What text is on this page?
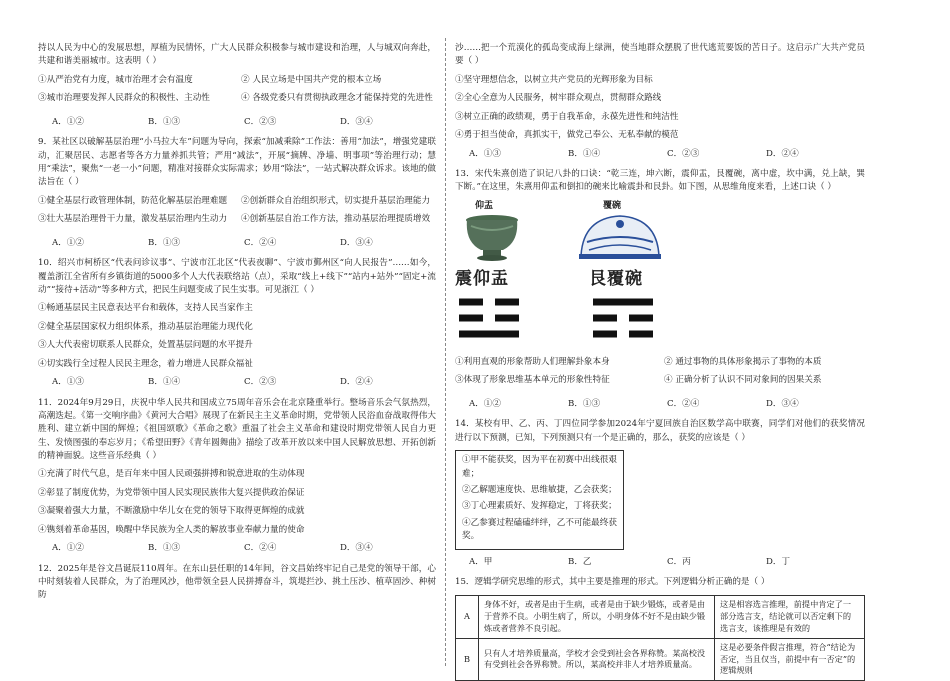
持以人民为中心的发展思想，厚植为民情怀，广大人民群众积极参与城市建设和治理，人与城双向奔赴，共建和谐美丽城市。这表明（ ）

①从严治党有力度，城市治理才会有温度	② 人民立场是中国共产党的根本立场

③城市治理要发挥人民群众的积极性、主动性	④ 各级党委只有贯彻执政理念才能保持党的先进性

A．①②	B．①③	C．②③	D．③④

9．某社区以破解基层治理“小马拉大车”问题为导向，探索“加减乘除”工作法：善用“加法”，增强党建联动，汇聚居民、志愿者等各方力量养抓共管；严用“减法”，开展“摘牌、净墙、明事项”等治理行动；慧用“乘法”，聚焦“一老一小”问题，精准对接群众实际需求；妙用“除法”，一站式解决群众诉求。该地的做法旨在（ ）

①健全基层行政管理体制，防范化解基层治理难题	②创新群众自治组织形式，切实提升基层治理能力

③壮大基层治理骨干力量，激发基层治理内生动力	④创新基层自治工作方法，推动基层治理提质增效

A．①②	B．①③	C．②④	D．③④

10．绍兴市柯桥区“代表问诊议事”、宁波市江北区“代表夜聊”、宁波市鄞州区“向人民报告”……如今，覆盖浙江全省所有乡镇街道的5000多个人大代表联络站（点），采取“线上+线下”“站内+站外”“固定+流动”“接待+活动”等多种方式，把民生问题变成了民生实事。可见浙江（ ）

①畅通基层民主民意表达平台和载体，支持人民当家作主

②健全基层国家权力组织体系，推动基层治理能力现代化

③人大代表密切联系人民群众，处置基层问题的水平提升

④切实践行全过程人民民主理念，着力增进人民群众福祉

A．①③	B．①④	C．②③	D．②④

11．2024年9月29日，庆祝中华人民共和国成立75周年音乐会在北京隆重举行。整场音乐会气氛热烈，高潮迭起。《第一交响序曲》《黄河大合唱》展现了在新民主主义革命时期，党带领人民浴血奋战取得伟大胜利、建立新中国的辉煌；《祖国颂歌》《革命之歌》重温了社会主义革命和建设时期党带领人民自力更生、发愤图强的奉忘岁月；《希望田野》《青年圆舞曲》描绘了改革开放以来中国人民解放思想、开拓创新的精神面貌。这些音乐经典（ ）

①充满了时代气息，是百年来中国人民顽强拼搏和锐意进取的生动体现

②彰显了制度优势，为党带领中国人民实现民族伟大复兴提供政治保证

③凝聚着强大力量，不断激励中华儿女在党的领导下取得更辉煌的成就

④镌刻着革命基因，唤醒中华民族为全人类的解放事业奉献力量的使命

A．①②	B．①③	C．②④	D．③④

12．2025年是谷文昌诞辰110周年。在东山县任职的14年间，谷文昌始终牢记自己是党的领导干部，心中时刻装着人民群众，为了治理风沙，他带领全县人民拼搏奋斗，筑堤拦沙、挑土压沙、植草固沙、种树防

沙……把一个荒漠化的孤岛变成海上绿洲，使当地群众摆脱了世代逃荒要饭的苦日子。这启示广大共产党员要（ ）

①坚守理想信念，以树立共产党员的光辉形象为目标

②全心全意为人民服务，树牢群众观点，贯彻群众路线

③树立正确的政绩观，勇于自我革命，永葆先进性和纯洁性

④勇于担当使命，真抓实干，做党己奉公、无私奉献的模范

A．①③	B．①④	C．②③	D．②④

13．宋代朱熹创造了识记八卦的口诀：“乾三连，坤六断，震仰盂，艮覆碗，离中虚，坎中满，兑上缺，巽下断。”在这里，朱熹用仰盂和倒扣的碗来比喻震卦和艮卦。如下图，从思维角度来看，上述口诀（ ）

仰盂	覆碗
震仰盂	艮覆碗

①利用直观的形象帮助人们理解卦象本身	② 通过事物的具体形象揭示了事物的本质

③体现了形象思维基本单元的形象性特征	④ 正确分析了认识不同对象间的因果关系

A．①②	B．①③	C．②④	D．③④

14．某校有甲、乙、丙、丁四位同学参加2024年宁夏回族自治区数学高中联赛，同学们对他们的获奖情况进行以下预测，已知，下列预测只有一个是正确的，那么，获奖的应该是（ ）

①甲不能获奖，因为平在初赛中出线很艰难；

②乙解题速度快、思维敏捷，乙会获奖；

③丁心理素质好、发挥稳定，丁将获奖；

④乙参赛过程磕磕绊绊，乙不可能最终获奖。

A．甲	B．乙	C．丙	D．丁

15．逻辑学研究思维的形式，其中主要是推理的形式。下列逻辑分析正确的是（ ）

A	身体不好，或者是由于生病，或者是由于缺少锻炼，或者是由于营养不良。小明生病了，所以，小明身体不好不是由缺少锻炼或者营养不良引起。	这是相容选言推理，前提中肯定了一部分选言支，结论就可以否定剩下的选言支，该推理是有效的
B	只有人才培养质量高，学校才会受到社会各界称赞。某高校没有受到社会各界称赞。所以，某高校并非人才培养质量高。	这是必要条件假言推理，符合“结论为否定，当且仅当，前提中有一否定”的逻辑规则
